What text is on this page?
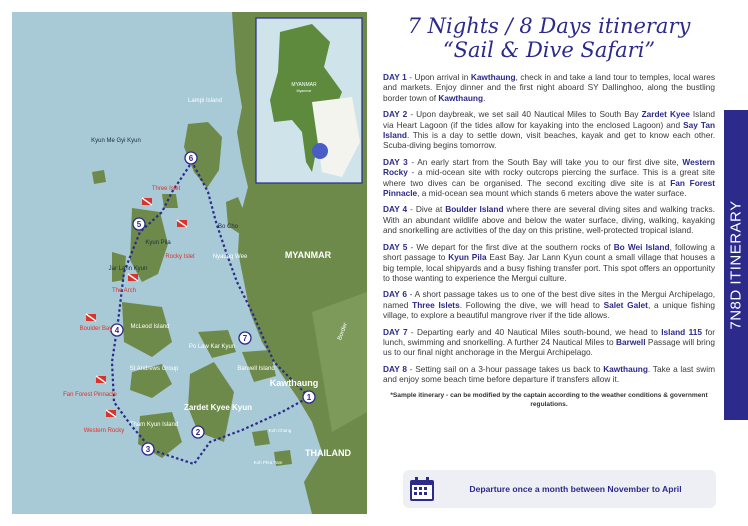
MYANMAR
Myanmar
1
2
3
4
5
6
7
Lampi Island
Kyun Me Gyi Kyun
Three Islet
Kyun Pila
Bo Cho
Rocky Islet	Nyaung Wee
Jar Lann Kyun
The Arch
Boulder Bay	McLeod Island
St Andrews Group
Po Law Kar Kyun
Barwell Island
Zardet Kyee Kyun
Fan Forest Pinnacle
Western Rocky
Tham Kyun Island
Kawthaung
MYANMAR
THAILAND
Border
Koh Chang
Koh Phra Yam

7 Nights / 8 Days itinerary

“Sail & Dive Safari”

DAY 1 - Upon arrival in Kawthaung, check in and take a land tour to temples, local wares and markets. Enjoy dinner and the first night aboard SY Dallinghoo, along the bustling border town of Kawthaung.

DAY 2 - Upon daybreak, we set sail 40 Nautical Miles to South Bay Zardet Kyee Island via Heart Lagoon (if the tides allow for kayaking into the enclosed Lagoon) and Say Tan Island. This is a day to settle down, visit beaches, kayak and get to know each other. Scuba-diving begins tomorrow.

DAY 3 - An early start from the South Bay will take you to our first dive site, Western Rocky - a mid-ocean site with rocky outcrops piercing the surface. This is a great site where two dives can be organised. The second exciting dive site is at Fan Forest Pinnacle, a mid-ocean sea mount which stands 6 meters above the water surface.

DAY 4 - Dive at Boulder Island where there are several diving sites and walking tracks. With an abundant wildlife above and below the water surface, diving, walking, kayaking and snorkelling are activities of the day on this pristine, well-protected tropical island.

DAY 5 - We depart for the first dive at the southern rocks of Bo Wei Island, following a short passage to Kyun Pila East Bay. Jar Lann Kyun count a small village that houses a big temple, local shipyards and a busy fishing transfer port. This spot offers an opportunity to those wanting to experience the Mergui culture.

DAY 6 - A short passage takes us to one of the best dive sites in the Mergui Archipelago, named Three Islets. Following the dive, we will head to Salet Galet, a unique fishing village, to explore a beautiful mangrove river if the tide allows.

DAY 7 - Departing early and 40 Nautical Miles south-bound, we head to Island 115 for lunch, swimming and snorkelling. A further 24 Nautical Miles to Barwell Passage will bring us to our final night anchorage in the Mergui Archipelago.

DAY 8 - Setting sail on a 3-hour passage takes us back to Kawthaung. Take a last swim and enjoy some beach time before departure if transfers allow it.

*Sample itinerary - can be modified by the captain according to the weather conditions & government regulations.
Departure once a month between November to April
7N8D ITINERARY
